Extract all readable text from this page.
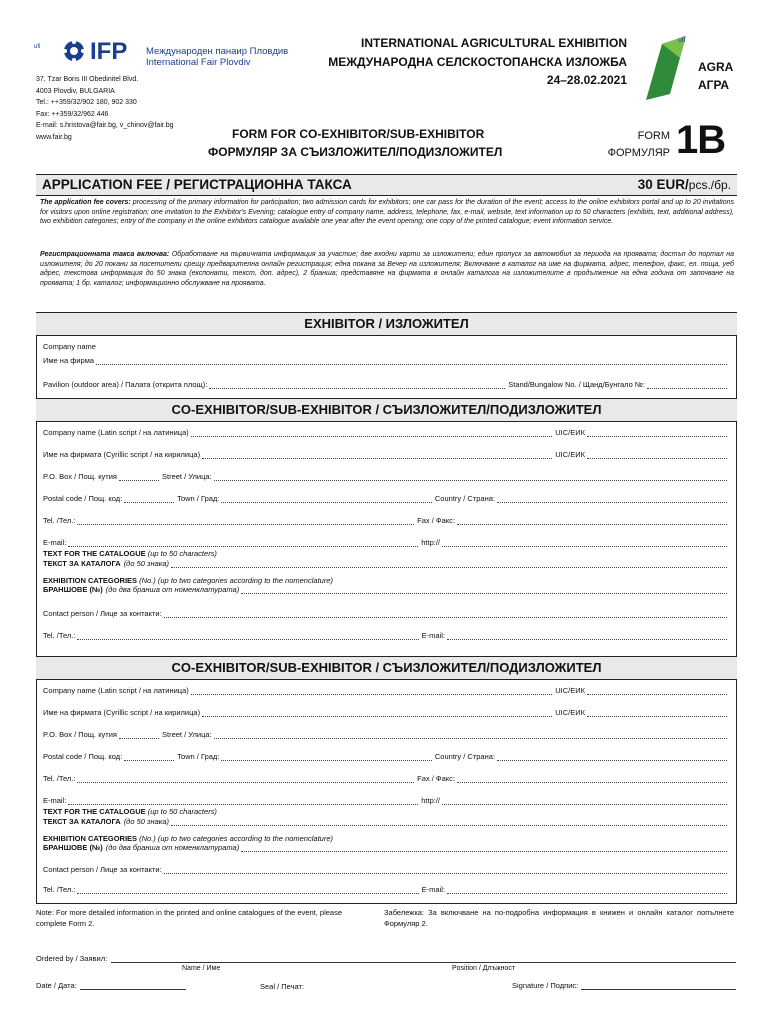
ufi IFP Международен панаир Пловдив
International Fair Plovdiv
37, Tzar Boris III Obedinitel Blvd.
4003 Plovdiv, BULGARIA
Tel.: ++359/32/902 180, 902 330
Fax: ++359/32/962 446
E-mail: s.hristova@fair.bg, v_chinov@fair.bg
www.fair.bg
INTERNATIONAL AGRICULTURAL EXHIBITION
МЕЖДУНАРОДНА СЕЛСКОСТОПАНСКА ИЗЛОЖБА
24–28.02.2021
ufi
AGRA
АГРА
FORM FOR CO-EXHIBITOR/SUB-EXHIBITOR
ФОРМУЛЯР ЗА СЪИЗЛОЖИТЕЛ/ПОДИЗЛОЖИТЕЛ
FORM
ФОРМУЛЯР 1B
APPLICATION FEE / РЕГИСТРАЦИОННА ТАКСА	30 EUR/pcs./бр.
The application fee covers: processing of the primary information for participation; two admission cards for exhibitors; one car pass for the duration of the event; access to the online exhibitors portal and up to 20 invitations for visitors upon online registration; one invitation to the Exhibitor's Evening; catalogue entry of company name, address, telephone, fax, e-mail, website, text information up to 50 characters (exhibits, text, additional address), two exhibition categories; entry of the company in the online exhibitors catalogue available one year after the event opening; one copy of the printed catalogue; event information service.
Регистрационната такса включва: Обработване на първичната информация за участие; две входни карти за изложители; един пропуск за автомобил за периода на проявата; достъп до портал на изложителя; до 20 покани за посетители срещу предварителна онлайн регистрация; една покана за Вечер на изложителя; Включване в каталог на име на фирмата, адрес, телефон, факс, ел. поща, уеб адрес, текстова информация до 50 знака (експонати, текст, доп. адрес), 2 бранша; представяне на фирмата в онлайн каталога на изложителите в продължение на една година от започване на проявата; 1 бр. каталог; информационно обслужване на проявата.
EXHIBITOR / ИЗЛОЖИТЕЛ
Company name
Име на фирма
Pavilion (outdoor area) / Палата (открита площ):	Stand/Bungalow No. / Щанд/Бунгало №:
CO-EXHIBITOR/SUB-EXHIBITOR / СЪИЗЛОЖИТЕЛ/ПОДИЗЛОЖИТЕЛ
Company name (Latin script / на латиница)	UIC/ЕИК
Име на фирмата (Cyrillic script / на кирилица)	UIC/ЕИК
P.O. Box / Пощ. кутия	Street / Улица:
Postal code / Пощ. код:	Town / Град:	Country / Страна:
Tel. /Тел.:	Fax / Факс:
E-mail:	http://
TEXT FOR THE CATALOGUE (up to 50 characters)
ТЕКСТ ЗА КАТАЛОГА (до 50 знака)
EXHIBITION CATEGORIES (No.) (up to two categories according to the nomenclature)
БРАНШОВЕ (№) (до два бранша от номенклатурата)
Contact person / Лице за контакти:
Tel. /Тел.:	E-mail:
CO-EXHIBITOR/SUB-EXHIBITOR / СЪИЗЛОЖИТЕЛ/ПОДИЗЛОЖИТЕЛ
Company name (Latin script / на латиница)	UIC/ЕИК
Име на фирмата (Cyrillic script / на кирилица)	UIC/ЕИК
P.O. Box / Пощ. кутия	Street / Улица:
Postal code / Пощ. код:	Town / Град:	Country / Страна:
Tel. /Тел.:	Fax / Факс:
E-mail:	http://
TEXT FOR THE CATALOGUE (up to 50 characters)
ТЕКСТ ЗА КАТАЛОГА (до 50 знака)
EXHIBITION CATEGORIES (No.) (up to two categories according to the nomenclature)
БРАНШОВЕ (№) (до два бранша от номенклатурата)
Contact person / Лице за контакти:
Tel. /Тел.:	E-mail:
Note: For more detailed information in the printed and online catalogues of the event, please complete Form 2.
Забележка: За включване на по-подробна информация в книжен и онлайн каталог попълнете Формуляр 2.
Ordered by / Заявил:
Name / Име	Position / Длъжност
Date / Дата:	Seal / Печат:	Signature / Подпис:
